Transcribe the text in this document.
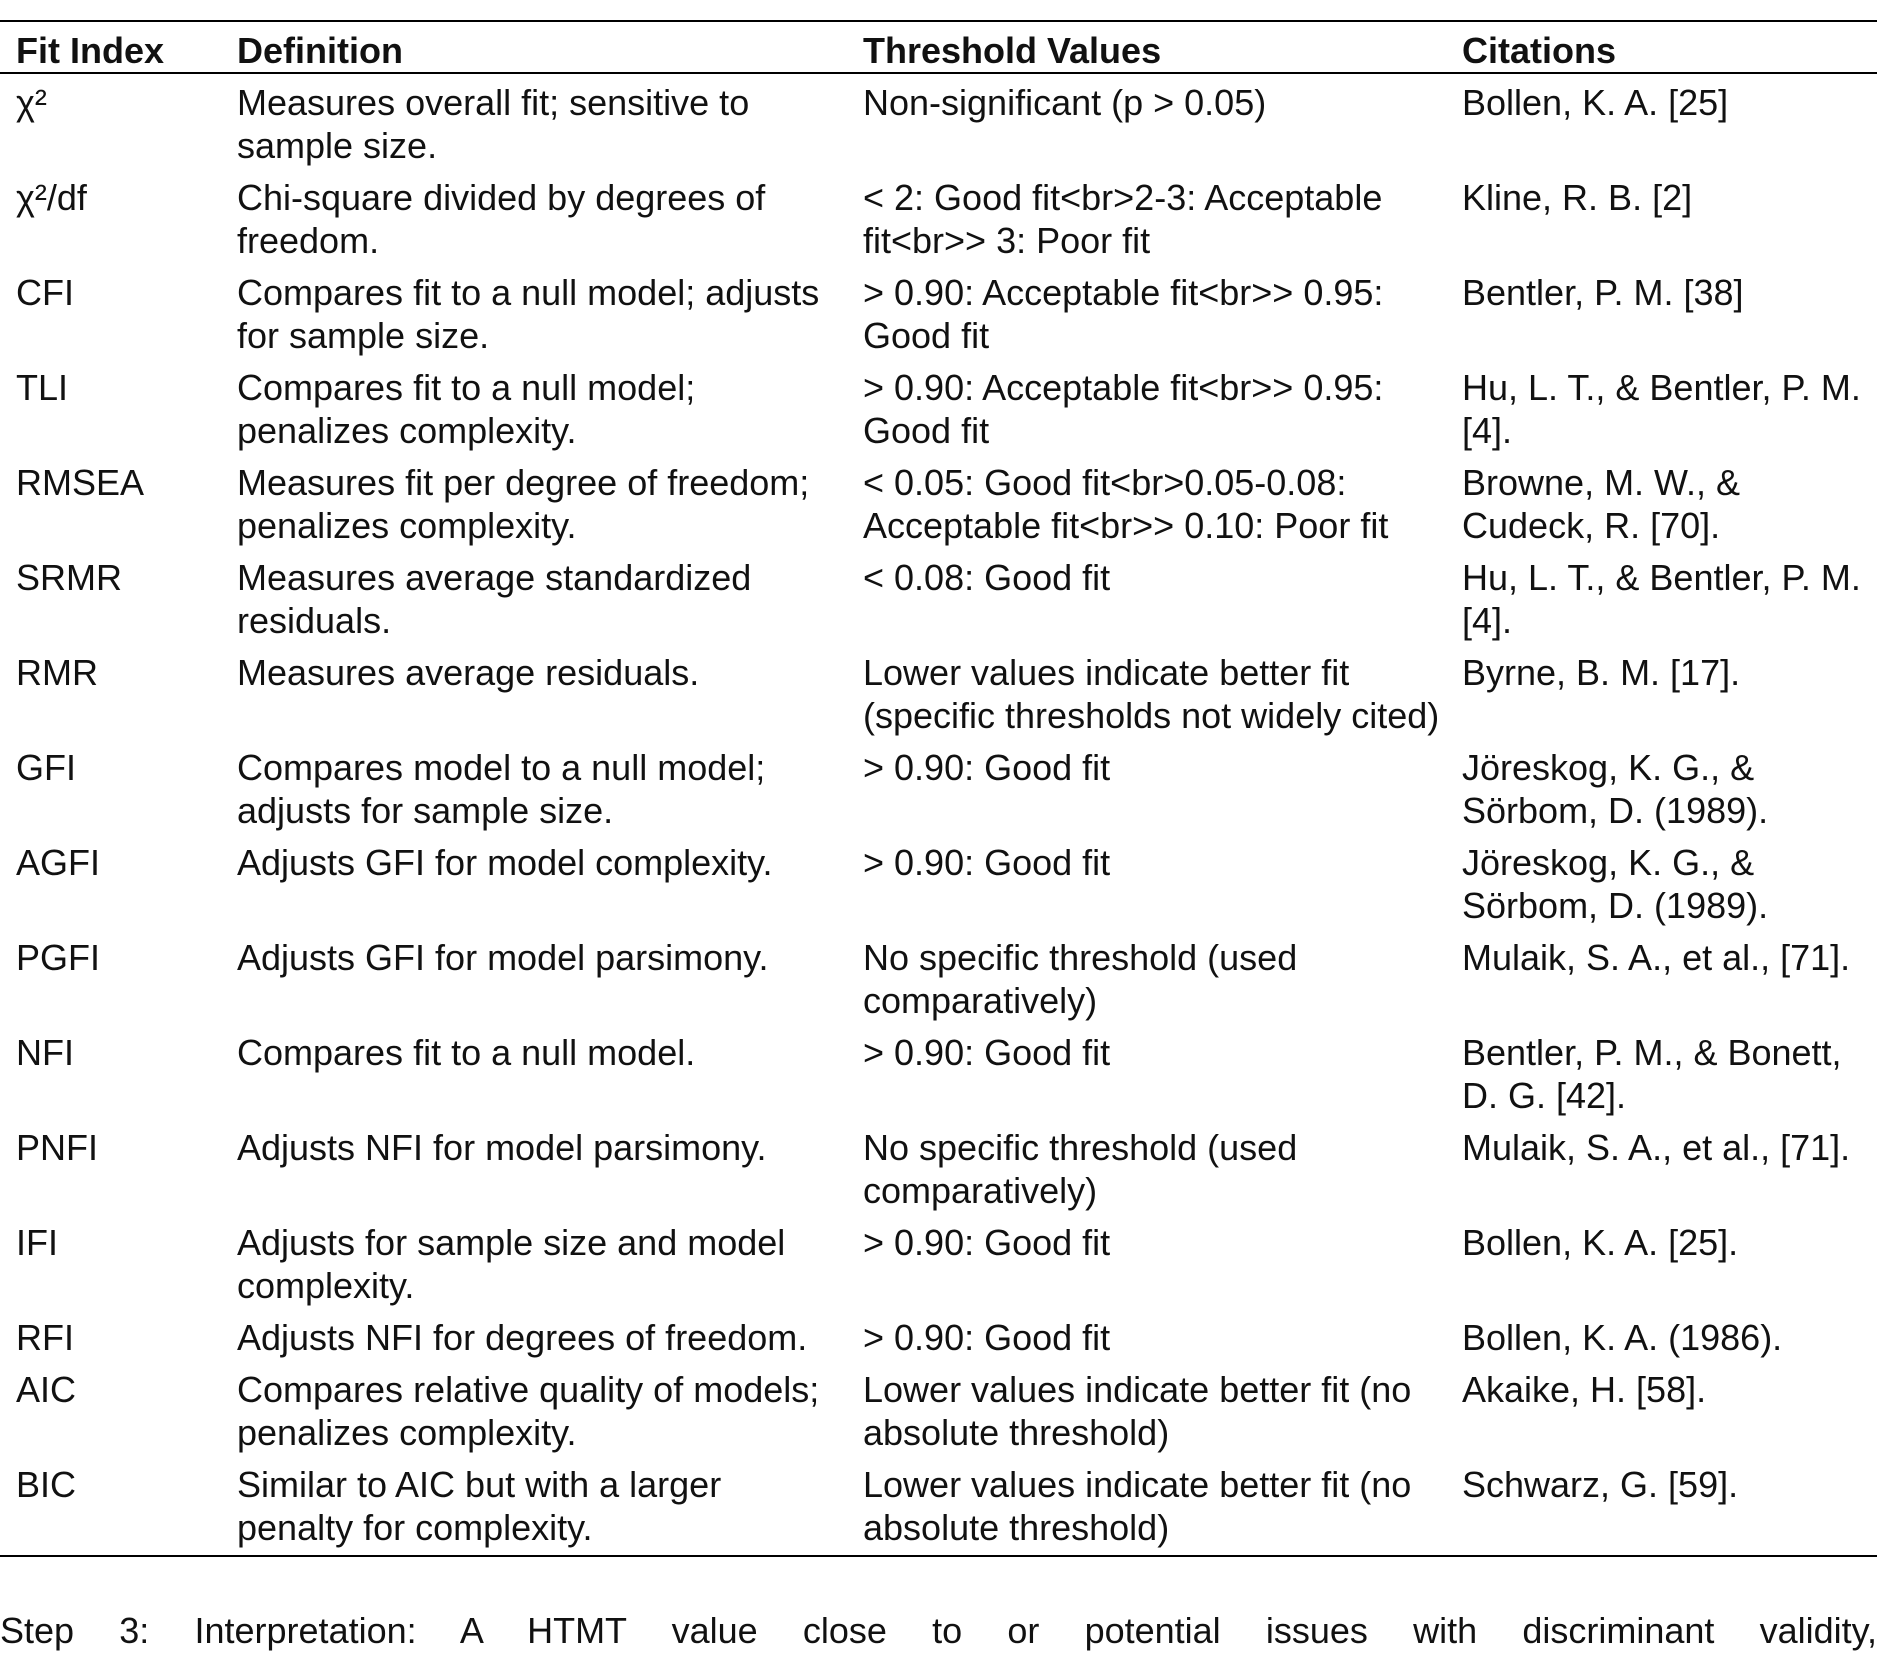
Fit Index	Definition	Threshold Values	Citations
χ²	Measures overall fit; sensitive to sample size.	Non-significant (p > 0.05)	Bollen, K. A. [25]
χ²/df	Chi-square divided by degrees of freedom.	< 2: Good fit<br>2-3: Acceptable fit<br>> 3: Poor fit	Kline, R. B. [2]
CFI	Compares fit to a null model; adjusts for sample size.	> 0.90: Acceptable fit<br>> 0.95: Good fit	Bentler, P. M. [38]
TLI	Compares fit to a null model; penalizes complexity.	> 0.90: Acceptable fit<br>> 0.95: Good fit	Hu, L. T., & Bentler, P. M. [4].
RMSEA	Measures fit per degree of freedom; penalizes complexity.	< 0.05: Good fit<br>0.05-0.08: Acceptable fit<br>> 0.10: Poor fit	Browne, M. W., & Cudeck, R. [70].
SRMR	Measures average standardized residuals.	< 0.08: Good fit	Hu, L. T., & Bentler, P. M. [4].
RMR	Measures average residuals.	Lower values indicate better fit (specific thresholds not widely cited)	Byrne, B. M. [17].
GFI	Compares model to a null model; adjusts for sample size.	> 0.90: Good fit	Jöreskog, K. G., & Sörbom, D. (1989).
AGFI	Adjusts GFI for model complexity.	> 0.90: Good fit	Jöreskog, K. G., & Sörbom, D. (1989).
PGFI	Adjusts GFI for model parsimony.	No specific threshold (used comparatively)	Mulaik, S. A., et al., [71].
NFI	Compares fit to a null model.	> 0.90: Good fit	Bentler, P. M., & Bonett, D. G. [42].
PNFI	Adjusts NFI for model parsimony.	No specific threshold (used comparatively)	Mulaik, S. A., et al., [71].
IFI	Adjusts for sample size and model complexity.	> 0.90: Good fit	Bollen, K. A. [25].
RFI	Adjusts NFI for degrees of freedom.	> 0.90: Good fit	Bollen, K. A. (1986).
AIC	Compares relative quality of models; penalizes complexity.	Lower values indicate better fit (no absolute threshold)	Akaike, H. [58].
BIC	Similar to AIC but with a larger penalty for complexity.	Lower values indicate better fit (no absolute threshold)	Schwarz, G. [59].
Step 3: Interpretation: A HTMT value close to or potential issues with discriminant validity,
